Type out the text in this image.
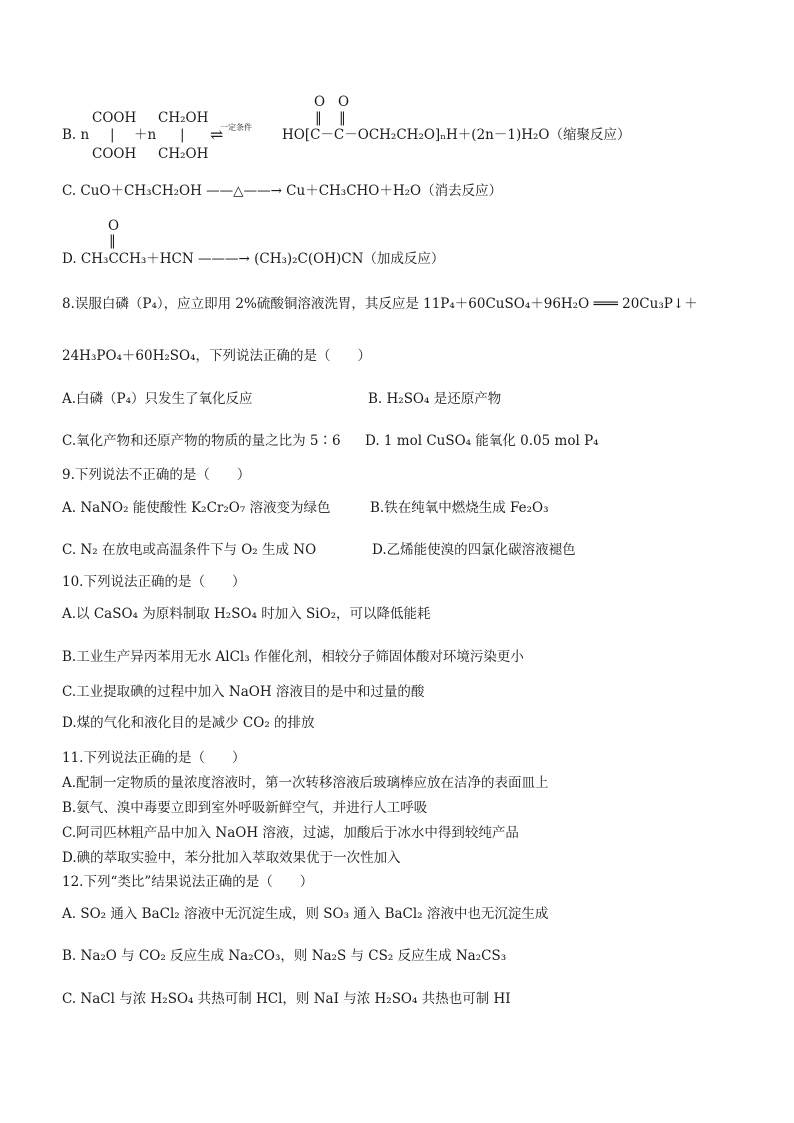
B. n
COOH
|
COOH
＋n
CH₂OH
|
CH₂OH
一定条件
⇌
O O
‖ ‖
HO[C－C－OCH₂CH₂O]ₙH＋(2n－1)H₂O（缩聚反应）
C. CuO＋CH₃CH₂OH ——△——→ Cu＋CH₃CHO＋H₂O（消去反应）
O
‖
D. CH₃CCH₃＋HCN ———→ (CH₃)₂C(OH)CN（加成反应）
8.误服白磷（P₄），应立即用 2%硫酸铜溶液洗胃，其反应是 11P₄＋60CuSO₄＋96H₂O ═══ 20Cu₃P↓＋
24H₃PO₄＋60H₂SO₄，下列说法正确的是（　　）
A.白磷（P₄）只发生了氧化反应	B. H₂SO₄ 是还原产物
C.氧化产物和还原产物的物质的量之比为 5∶6 D. 1 mol CuSO₄ 能氧化 0.05 mol P₄
9.下列说法不正确的是（　　）
A. NaNO₂ 能使酸性 K₂Cr₂O₇ 溶液变为绿色	B.铁在纯氧中燃烧生成 Fe₂O₃
C. N₂ 在放电或高温条件下与 O₂ 生成 NO	D.乙烯能使溴的四氯化碳溶液褪色
10.下列说法正确的是（　　）
A.以 CaSO₄ 为原料制取 H₂SO₄ 时加入 SiO₂，可以降低能耗
B.工业生产异丙苯用无水 AlCl₃ 作催化剂，相较分子筛固体酸对环境污染更小
C.工业提取碘的过程中加入 NaOH 溶液目的是中和过量的酸
D.煤的气化和液化目的是减少 CO₂ 的排放
11.下列说法正确的是（　　）
A.配制一定物质的量浓度溶液时，第一次转移溶液后玻璃棒应放在洁净的表面皿上
B.氨气、溴中毒要立即到室外呼吸新鲜空气，并进行人工呼吸
C.阿司匹林粗产品中加入 NaOH 溶液，过滤，加酸后于冰水中得到较纯产品
D.碘的萃取实验中，苯分批加入萃取效果优于一次性加入
12.下列“类比”结果说法正确的是（　　）
A. SO₂ 通入 BaCl₂ 溶液中无沉淀生成，则 SO₃ 通入 BaCl₂ 溶液中也无沉淀生成
B. Na₂O 与 CO₂ 反应生成 Na₂CO₃，则 Na₂S 与 CS₂ 反应生成 Na₂CS₃
C. NaCl 与浓 H₂SO₄ 共热可制 HCl，则 NaI 与浓 H₂SO₄ 共热也可制 HI
